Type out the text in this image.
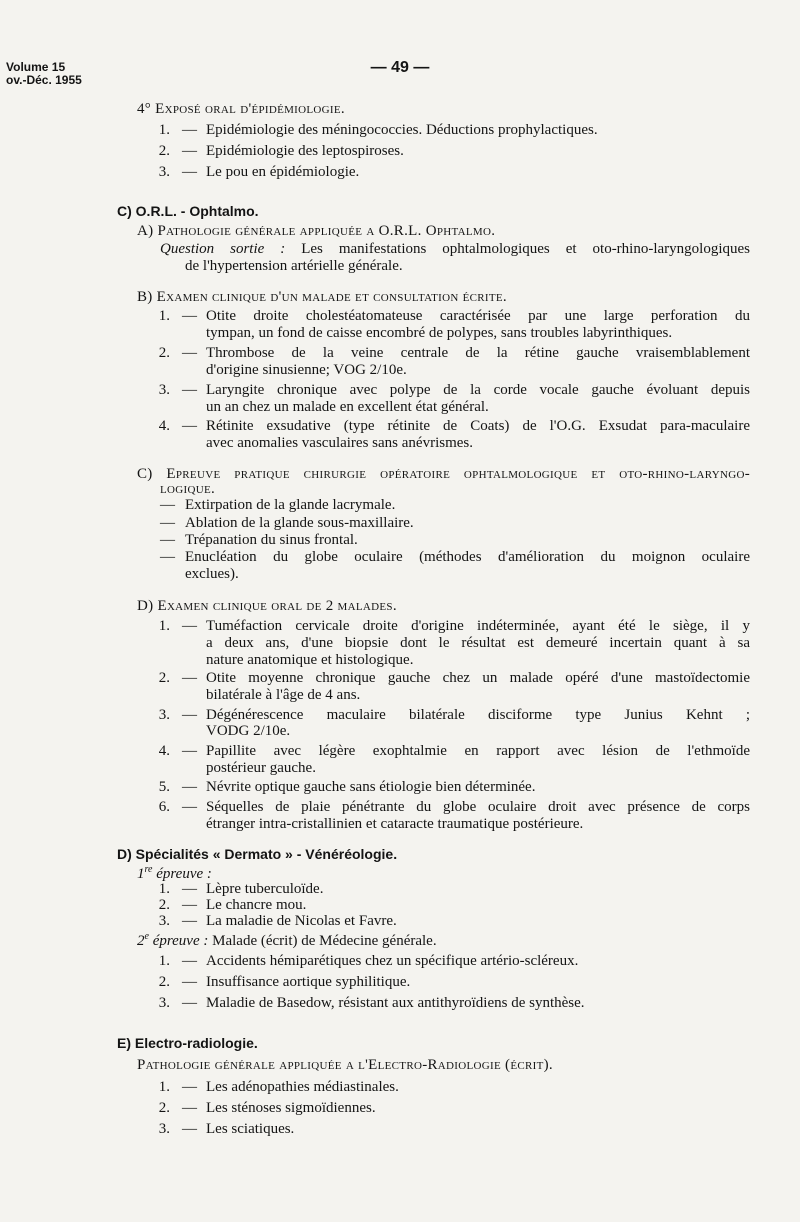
Volume 15
ov.-Déc. 1955
— 49 —
4° Exposé oral d'épidémiologie.
1. — Epidémiologie des méningococcies. Déductions prophylactiques.
2. — Epidémiologie des leptospiroses.
3. — Le pou en épidémiologie.
C) O.R.L. - Ophtalmo.
A) Pathologie générale appliquée a O.R.L. Ophtalmo.
Question sortie : Les manifestations ophtalmologiques et oto-rhino-laryngologiques
de l'hypertension artérielle générale.
B) Examen clinique d'un malade et consultation écrite.
1. — Otite droite cholestéatomateuse caractérisée par une large perforation du
tympan, un fond de caisse encombré de polypes, sans troubles labyrinthiques.
2. — Thrombose de la veine centrale de la rétine gauche vraisemblablement
d'origine sinusienne; VOG 2/10e.
3. — Laryngite chronique avec polype de la corde vocale gauche évoluant depuis
un an chez un malade en excellent état général.
4. — Rétinite exsudative (type rétinite de Coats) de l'O.G. Exsudat para-maculaire
avec anomalies vasculaires sans anévrismes.
C) Epreuve pratique chirurgie opératoire ophtalmologique et oto-rhino-laryngo-
logique.
— Extirpation de la glande lacrymale.
— Ablation de la glande sous-maxillaire.
— Trépanation du sinus frontal.
— Enucléation du globe oculaire (méthodes d'amélioration du moignon oculaire
exclues).
D) Examen clinique oral de 2 malades.
1. — Tuméfaction cervicale droite d'origine indéterminée, ayant été le siège, il y
a deux ans, d'une biopsie dont le résultat est demeuré incertain quant à sa
nature anatomique et histologique.
2. — Otite moyenne chronique gauche chez un malade opéré d'une mastoïdectomie
bilatérale à l'âge de 4 ans.
3. — Dégénérescence maculaire bilatérale disciforme type Junius Kehnt ;
VODG 2/10e.
4. — Papillite avec légère exophtalmie en rapport avec lésion de l'ethmoïde
postérieur gauche.
5. — Névrite optique gauche sans étiologie bien déterminée.
6. — Séquelles de plaie pénétrante du globe oculaire droit avec présence de corps
étranger intra-cristallinien et cataracte traumatique postérieure.
D) Spécialités « Dermato » - Vénéréologie.
1re épreuve :
1. — Lèpre tuberculoïde.
2. — Le chancre mou.
3. — La maladie de Nicolas et Favre.
2e épreuve : Malade (écrit) de Médecine générale.
1. — Accidents hémiparétiques chez un spécifique artério-scléreux.
2. — Insuffisance aortique syphilitique.
3. — Maladie de Basedow, résistant aux antithyroïdiens de synthèse.
E) Electro-radiologie.
Pathologie générale appliquée a l'Electro-Radiologie (écrit).
1. — Les adénopathies médiastinales.
2. — Les sténoses sigmoïdiennes.
3. — Les sciatiques.
